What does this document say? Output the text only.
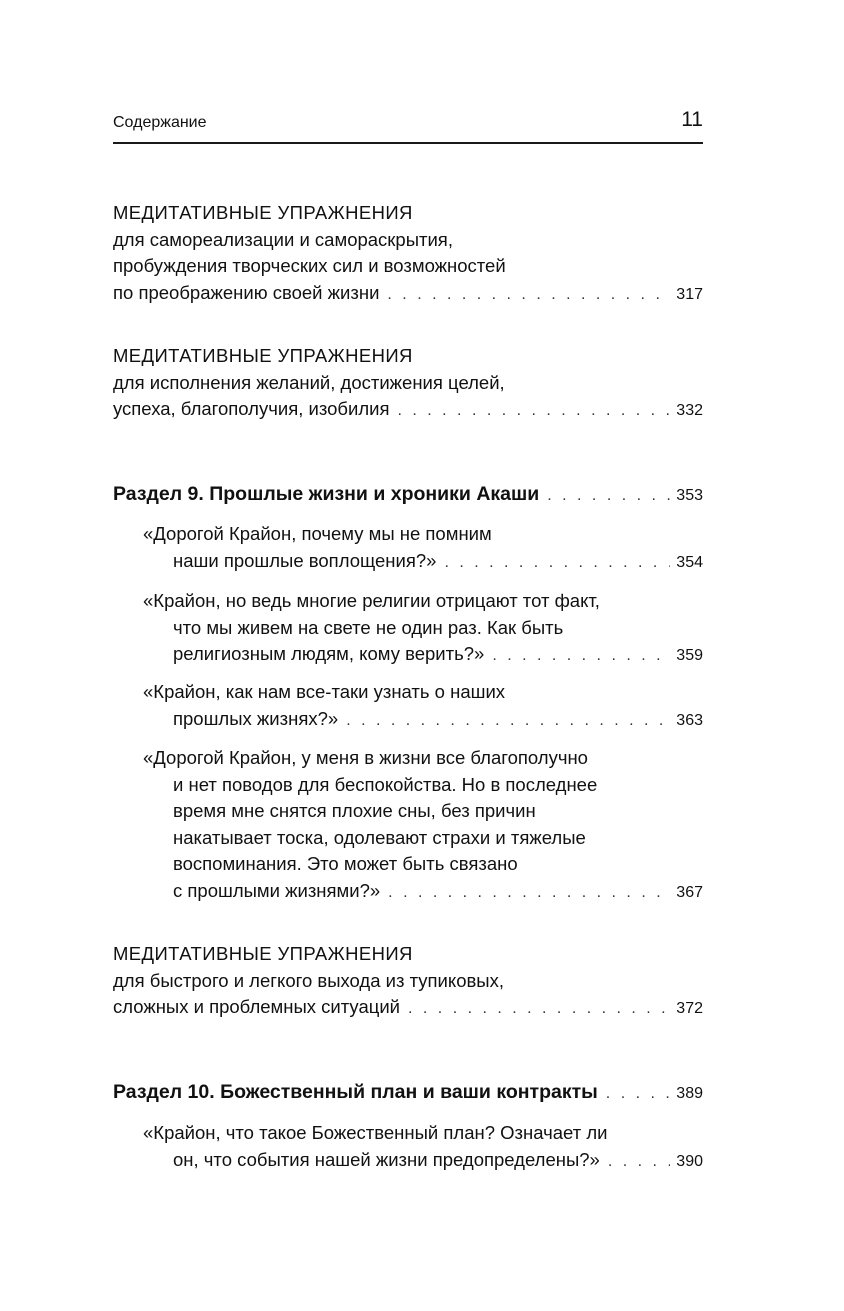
Содержание	11
МЕДИТАТИВНЫЕ УПРАЖНЕНИЯ
для самореализации и самораскрытия,
пробуждения творческих сил и возможностей
по преображению своей жизни . . .	317
МЕДИТАТИВНЫЕ УПРАЖНЕНИЯ
для исполнения желаний, достижения целей,
успеха, благополучия, изобилия . . .	332
Раздел 9. Прошлые жизни и хроники Акаши . . .	353
«Дорогой Крайон, почему мы не помним
наши прошлые воплощения?» . . .	354
«Крайон, но ведь многие религии отрицают тот факт,
что мы живем на свете не один раз. Как быть
религиозным людям, кому верить?» . . .	359
«Крайон, как нам все-таки узнать о наших
прошлых жизнях?» . . .	363
«Дорогой Крайон, у меня в жизни все благополучно
и нет поводов для беспокойства. Но в последнее
время мне снятся плохие сны, без причин
накатывает тоска, одолевают страхи и тяжелые
воспоминания. Это может быть связано
с прошлыми жизнями?» . . .	367
МЕДИТАТИВНЫЕ УПРАЖНЕНИЯ
для быстрого и легкого выхода из тупиковых,
сложных и проблемных ситуаций . . .	372
Раздел 10. Божественный план и ваши контракты . . .	389
«Крайон, что такое Божественный план? Означает ли
он, что события нашей жизни предопределены?» . . .	390
